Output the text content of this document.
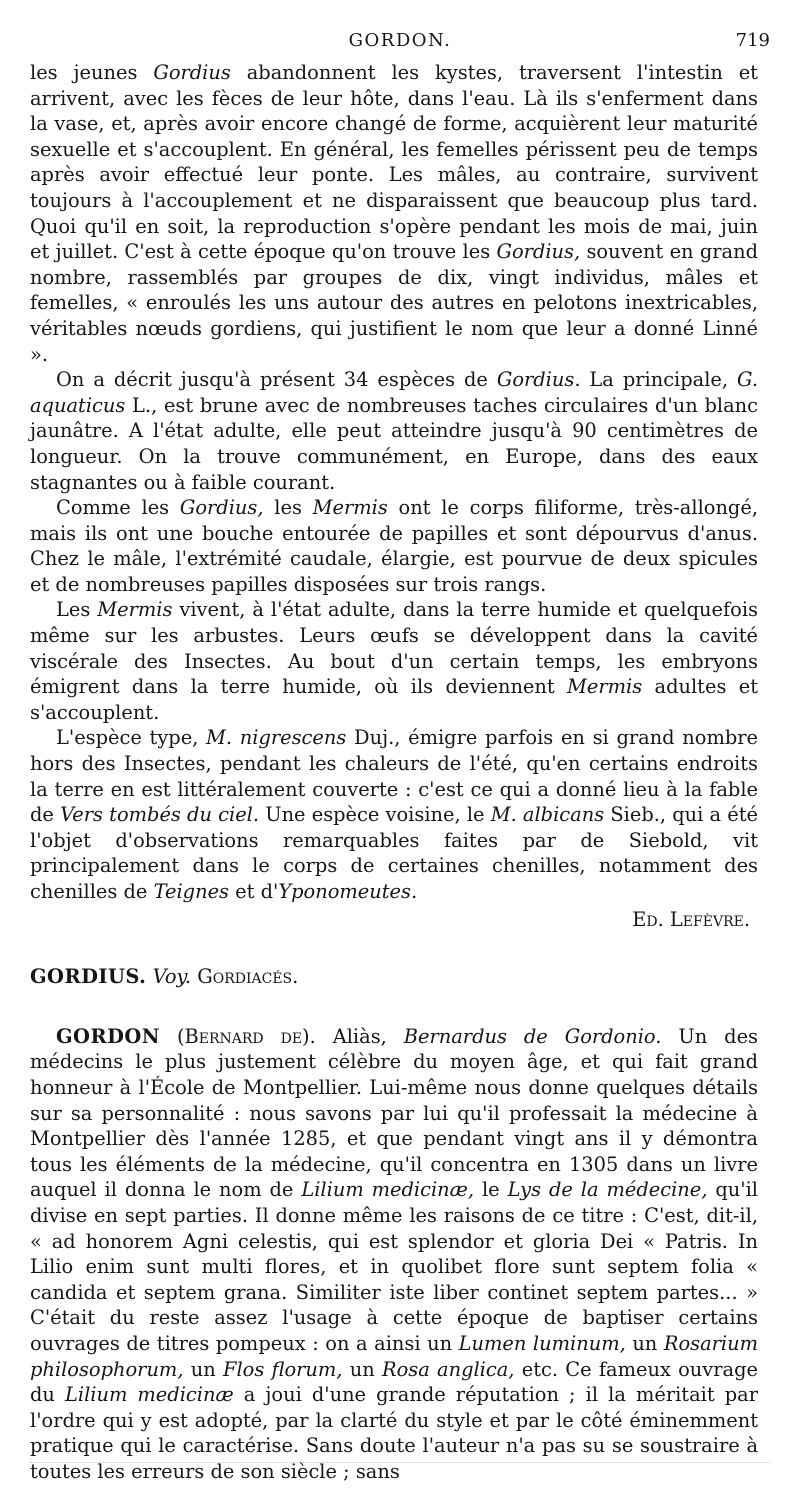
GORDON.	719

les jeunes Gordius abandonnent les kystes, traversent l'intestin et arrivent, avec les fèces de leur hôte, dans l'eau. Là ils s'enferment dans la vase, et, après avoir encore changé de forme, acquièrent leur maturité sexuelle et s'accouplent. En général, les femelles périssent peu de temps après avoir effectué leur ponte. Les mâles, au contraire, survivent toujours à l'accouplement et ne disparaissent que beaucoup plus tard. Quoi qu'il en soit, la reproduction s'opère pendant les mois de mai, juin et juillet. C'est à cette époque qu'on trouve les Gordius, souvent en grand nombre, rassemblés par groupes de dix, vingt individus, mâles et femelles, « enroulés les uns autour des autres en pelotons inextricables, véritables nœuds gordiens, qui justifient le nom que leur a donné Linné ».

On a décrit jusqu'à présent 34 espèces de Gordius. La principale, G. aquaticus L., est brune avec de nombreuses taches circulaires d'un blanc jaunâtre. A l'état adulte, elle peut atteindre jusqu'à 90 centimètres de longueur. On la trouve communément, en Europe, dans des eaux stagnantes ou à faible courant.

Comme les Gordius, les Mermis ont le corps filiforme, très-allongé, mais ils ont une bouche entourée de papilles et sont dépourvus d'anus. Chez le mâle, l'extrémité caudale, élargie, est pourvue de deux spicules et de nombreuses papilles disposées sur trois rangs.

Les Mermis vivent, à l'état adulte, dans la terre humide et quelquefois même sur les arbustes. Leurs œufs se développent dans la cavité viscérale des Insectes. Au bout d'un certain temps, les embryons émigrent dans la terre humide, où ils deviennent Mermis adultes et s'accouplent.

L'espèce type, M. nigrescens Duj., émigre parfois en si grand nombre hors des Insectes, pendant les chaleurs de l'été, qu'en certains endroits la terre en est littéralement couverte : c'est ce qui a donné lieu à la fable de Vers tombés du ciel. Une espèce voisine, le M. albicans Sieb., qui a été l'objet d'observations remarquables faites par de Siebold, vit principalement dans le corps de certaines chenilles, notamment des chenilles de Teignes et d'Yponomeutes.

Ed. Lefèvre.

GORDIUS. Voy. Gordiacés.

GORDON (Bernard de). Aliàs, Bernardus de Gordonio. Un des médecins le plus justement célèbre du moyen âge, et qui fait grand honneur à l'École de Montpellier. Lui-même nous donne quelques détails sur sa personnalité : nous savons par lui qu'il professait la médecine à Montpellier dès l'année 1285, et que pendant vingt ans il y démontra tous les éléments de la médecine, qu'il concentra en 1305 dans un livre auquel il donna le nom de Lilium medicinæ, le Lys de la médecine, qu'il divise en sept parties. Il donne même les raisons de ce titre : C'est, dit-il, « ad honorem Agni celestis, qui est splendor et gloria Dei « Patris. In Lilio enim sunt multi flores, et in quolibet flore sunt septem folia « candida et septem grana. Similiter iste liber continet septem partes... » C'était du reste assez l'usage à cette époque de baptiser certains ouvrages de titres pompeux : on a ainsi un Lumen luminum, un Rosarium philosophorum, un Flos florum, un Rosa anglica, etc. Ce fameux ouvrage du Lilium medicinæ a joui d'une grande réputation ; il la méritait par l'ordre qui y est adopté, par la clarté du style et par le côté éminemment pratique qui le caractérise. Sans doute l'auteur n'a pas su se soustraire à toutes les erreurs de son siècle ; sans
